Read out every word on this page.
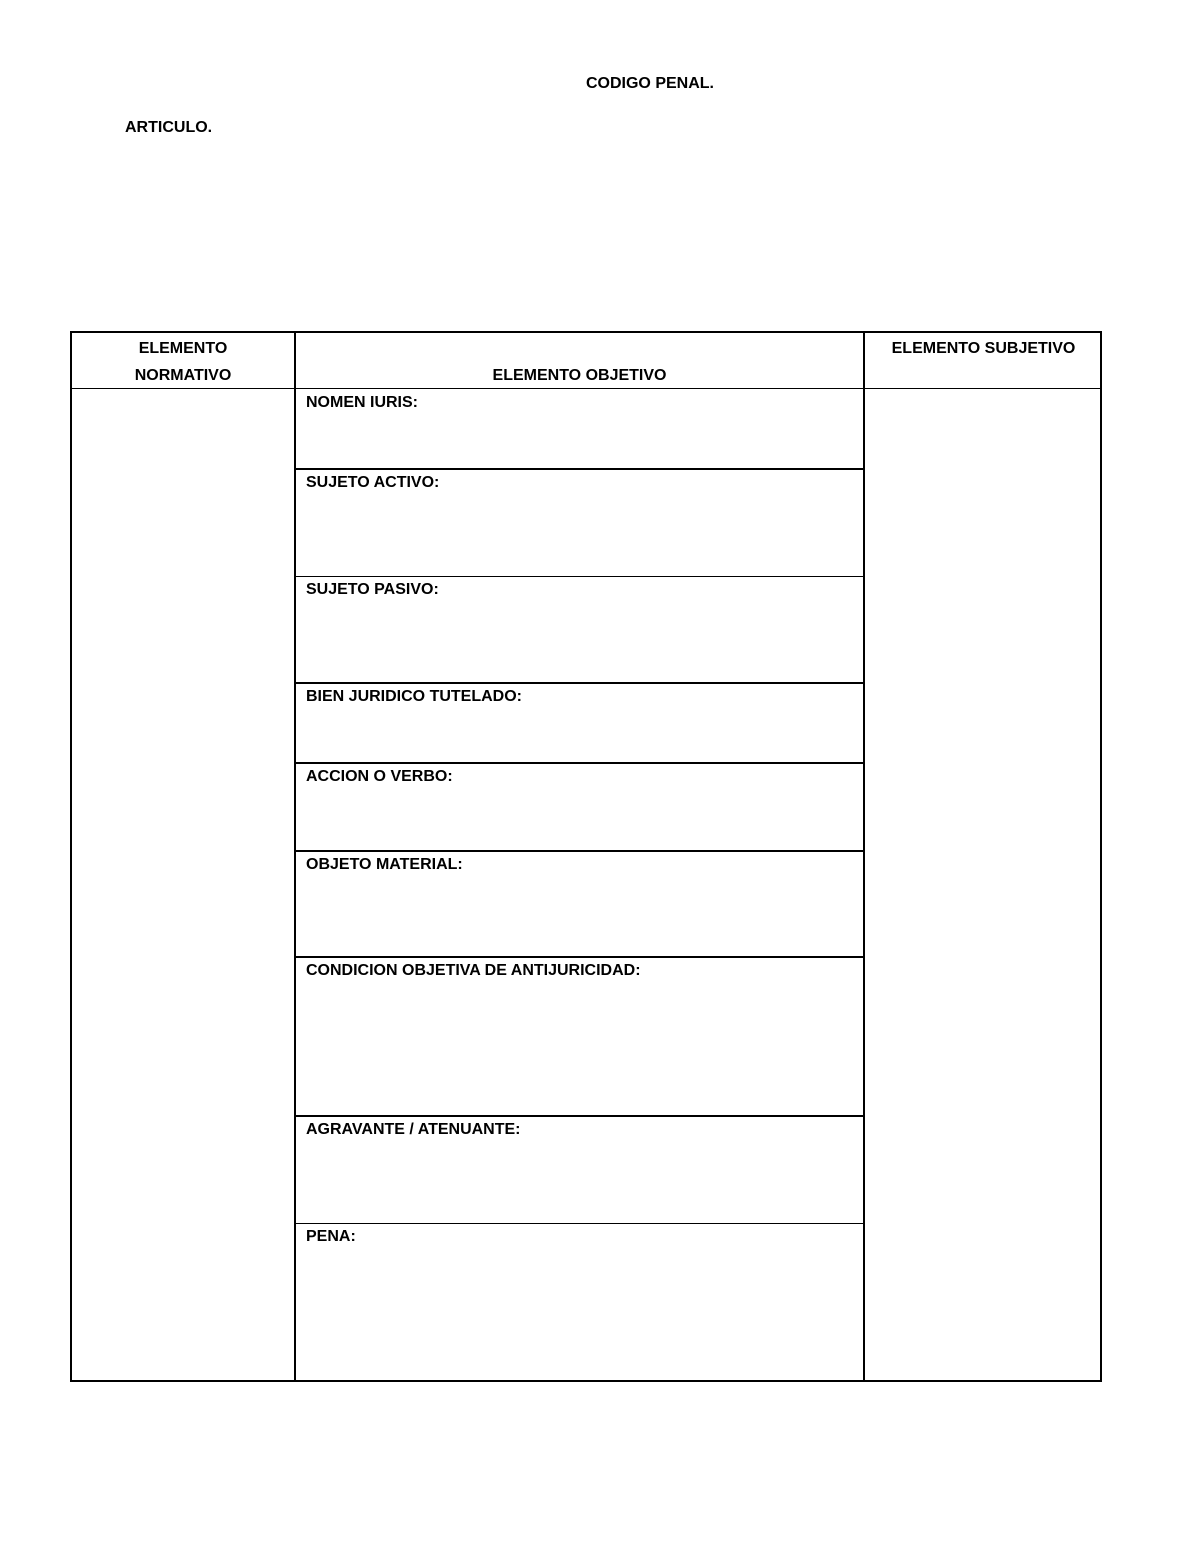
CODIGO PENAL.
ARTICULO.
ELEMENTO
NORMATIVO	ELEMENTO OBJETIVO
ELEMENTO SUBJETIVO
NOMEN IURIS:
SUJETO ACTIVO:
SUJETO PASIVO:
BIEN JURIDICO TUTELADO:
ACCION O VERBO:
OBJETO MATERIAL:
CONDICION OBJETIVA DE ANTIJURICIDAD:
AGRAVANTE / ATENUANTE:
PENA:
